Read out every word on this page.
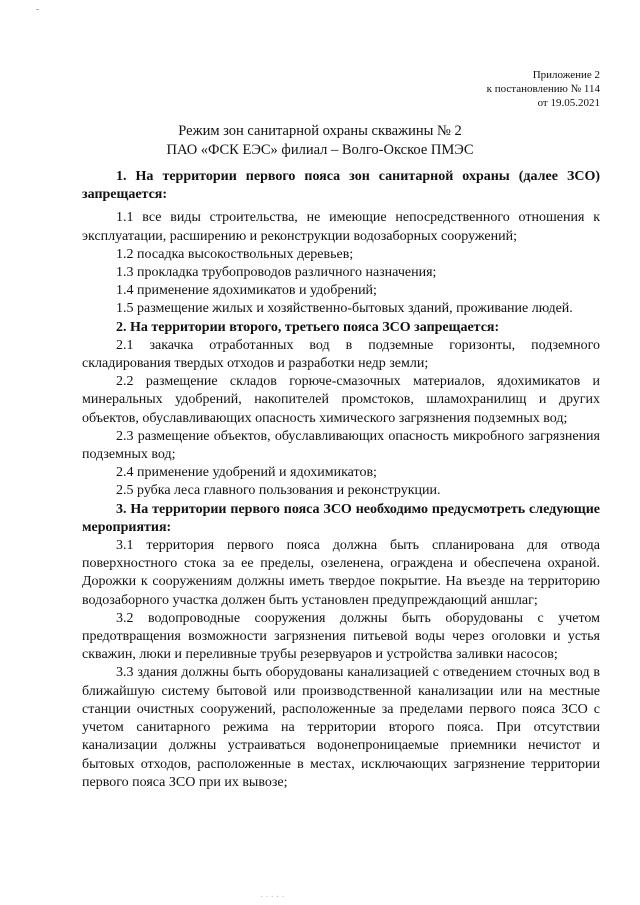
-
Приложение 2
к постановлению № 114
от 19.05.2021
Режим зон санитарной охраны скважины № 2
ПАО «ФСК ЕЭС» филиал – Волго-Окское ПМЭС

1. На территории первого пояса зон санитарной охраны (далее ЗСО) запрещается:

1.1 все виды строительства, не имеющие непосредственного отношения к эксплуатации, расширению и реконструкции водозаборных сооружений;

1.2 посадка высокоствольных деревьев;

1.3 прокладка трубопроводов различного назначения;

1.4 применение ядохимикатов и удобрений;

1.5 размещение жилых и хозяйственно-бытовых зданий, проживание людей.

2. На территории второго, третьего пояса ЗСО запрещается:

2.1 закачка отработанных вод в подземные горизонты, подземного складирования твердых отходов и разработки недр земли;

2.2 размещение складов горюче-смазочных материалов, ядохимикатов и минеральных удобрений, накопителей промстоков, шламохранилищ и других объектов, обуславливающих опасность химического загрязнения подземных вод;

2.3 размещение объектов, обуславливающих опасность микробного загрязнения подземных вод;

2.4 применение удобрений и ядохимикатов;

2.5 рубка леса главного пользования и реконструкции.

3. На территории первого пояса ЗСО необходимо предусмотреть следующие мероприятия:

3.1 территория первого пояса должна быть спланирована для отвода поверхностного стока за ее пределы, озеленена, ограждена и обеспечена охраной. Дорожки к сооружениям должны иметь твердое покрытие. На въезде на территорию водозаборного участка должен быть установлен предупреждающий аншлаг;

3.2 водопроводные сооружения должны быть оборудованы с учетом предотвращения возможности загрязнения питьевой воды через оголовки и устья скважин, люки и переливные трубы резервуаров и устройства заливки насосов;

3.3 здания должны быть оборудованы канализацией с отведением сточных вод в ближайшую систему бытовой или производственной канализации или на местные станции очистных сооружений, расположенные за пределами первого пояса ЗСО с учетом санитарного режима на территории второго пояса. При отсутствии канализации должны устраиваться водонепроницаемые приемники нечистот и бытовых отходов, расположенные в местах, исключающих загрязнение территории первого пояса ЗСО при их вывозе;

·····
